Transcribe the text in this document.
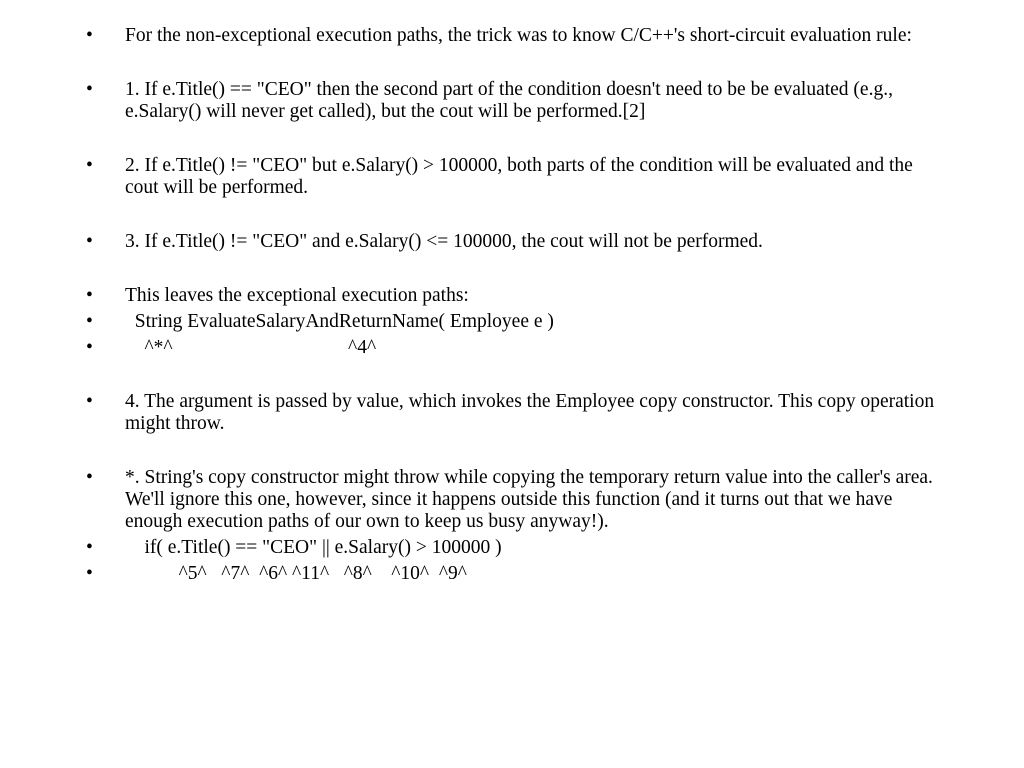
• For the non-exceptional execution paths, the trick was to know C/C++'s short-circuit evaluation rule:
• 1. If e.Title() == "CEO" then the second part of the condition doesn't need to be be evaluated (e.g., e.Salary() will never get called), but the cout will be performed.[2]
• 2. If e.Title() != "CEO" but e.Salary() > 100000, both parts of the condition will be evaluated and the cout will be performed.
• 3. If e.Title() != "CEO" and e.Salary() <= 100000, the cout will not be performed.
• This leaves the exceptional execution paths:
• String EvaluateSalaryAndReturnName( Employee e )
• ^*^                                    ^4^
• 4. The argument is passed by value, which invokes the Employee copy constructor. This copy operation might throw.
• *. String's copy constructor might throw while copying the temporary return value into the caller's area. We'll ignore this one, however, since it happens outside this function (and it turns out that we have enough execution paths of our own to keep us busy anyway!).
• if( e.Title() == "CEO" || e.Salary() > 100000 )
• ^5^   ^7^  ^6^ ^11^   ^8^    ^10^  ^9^
